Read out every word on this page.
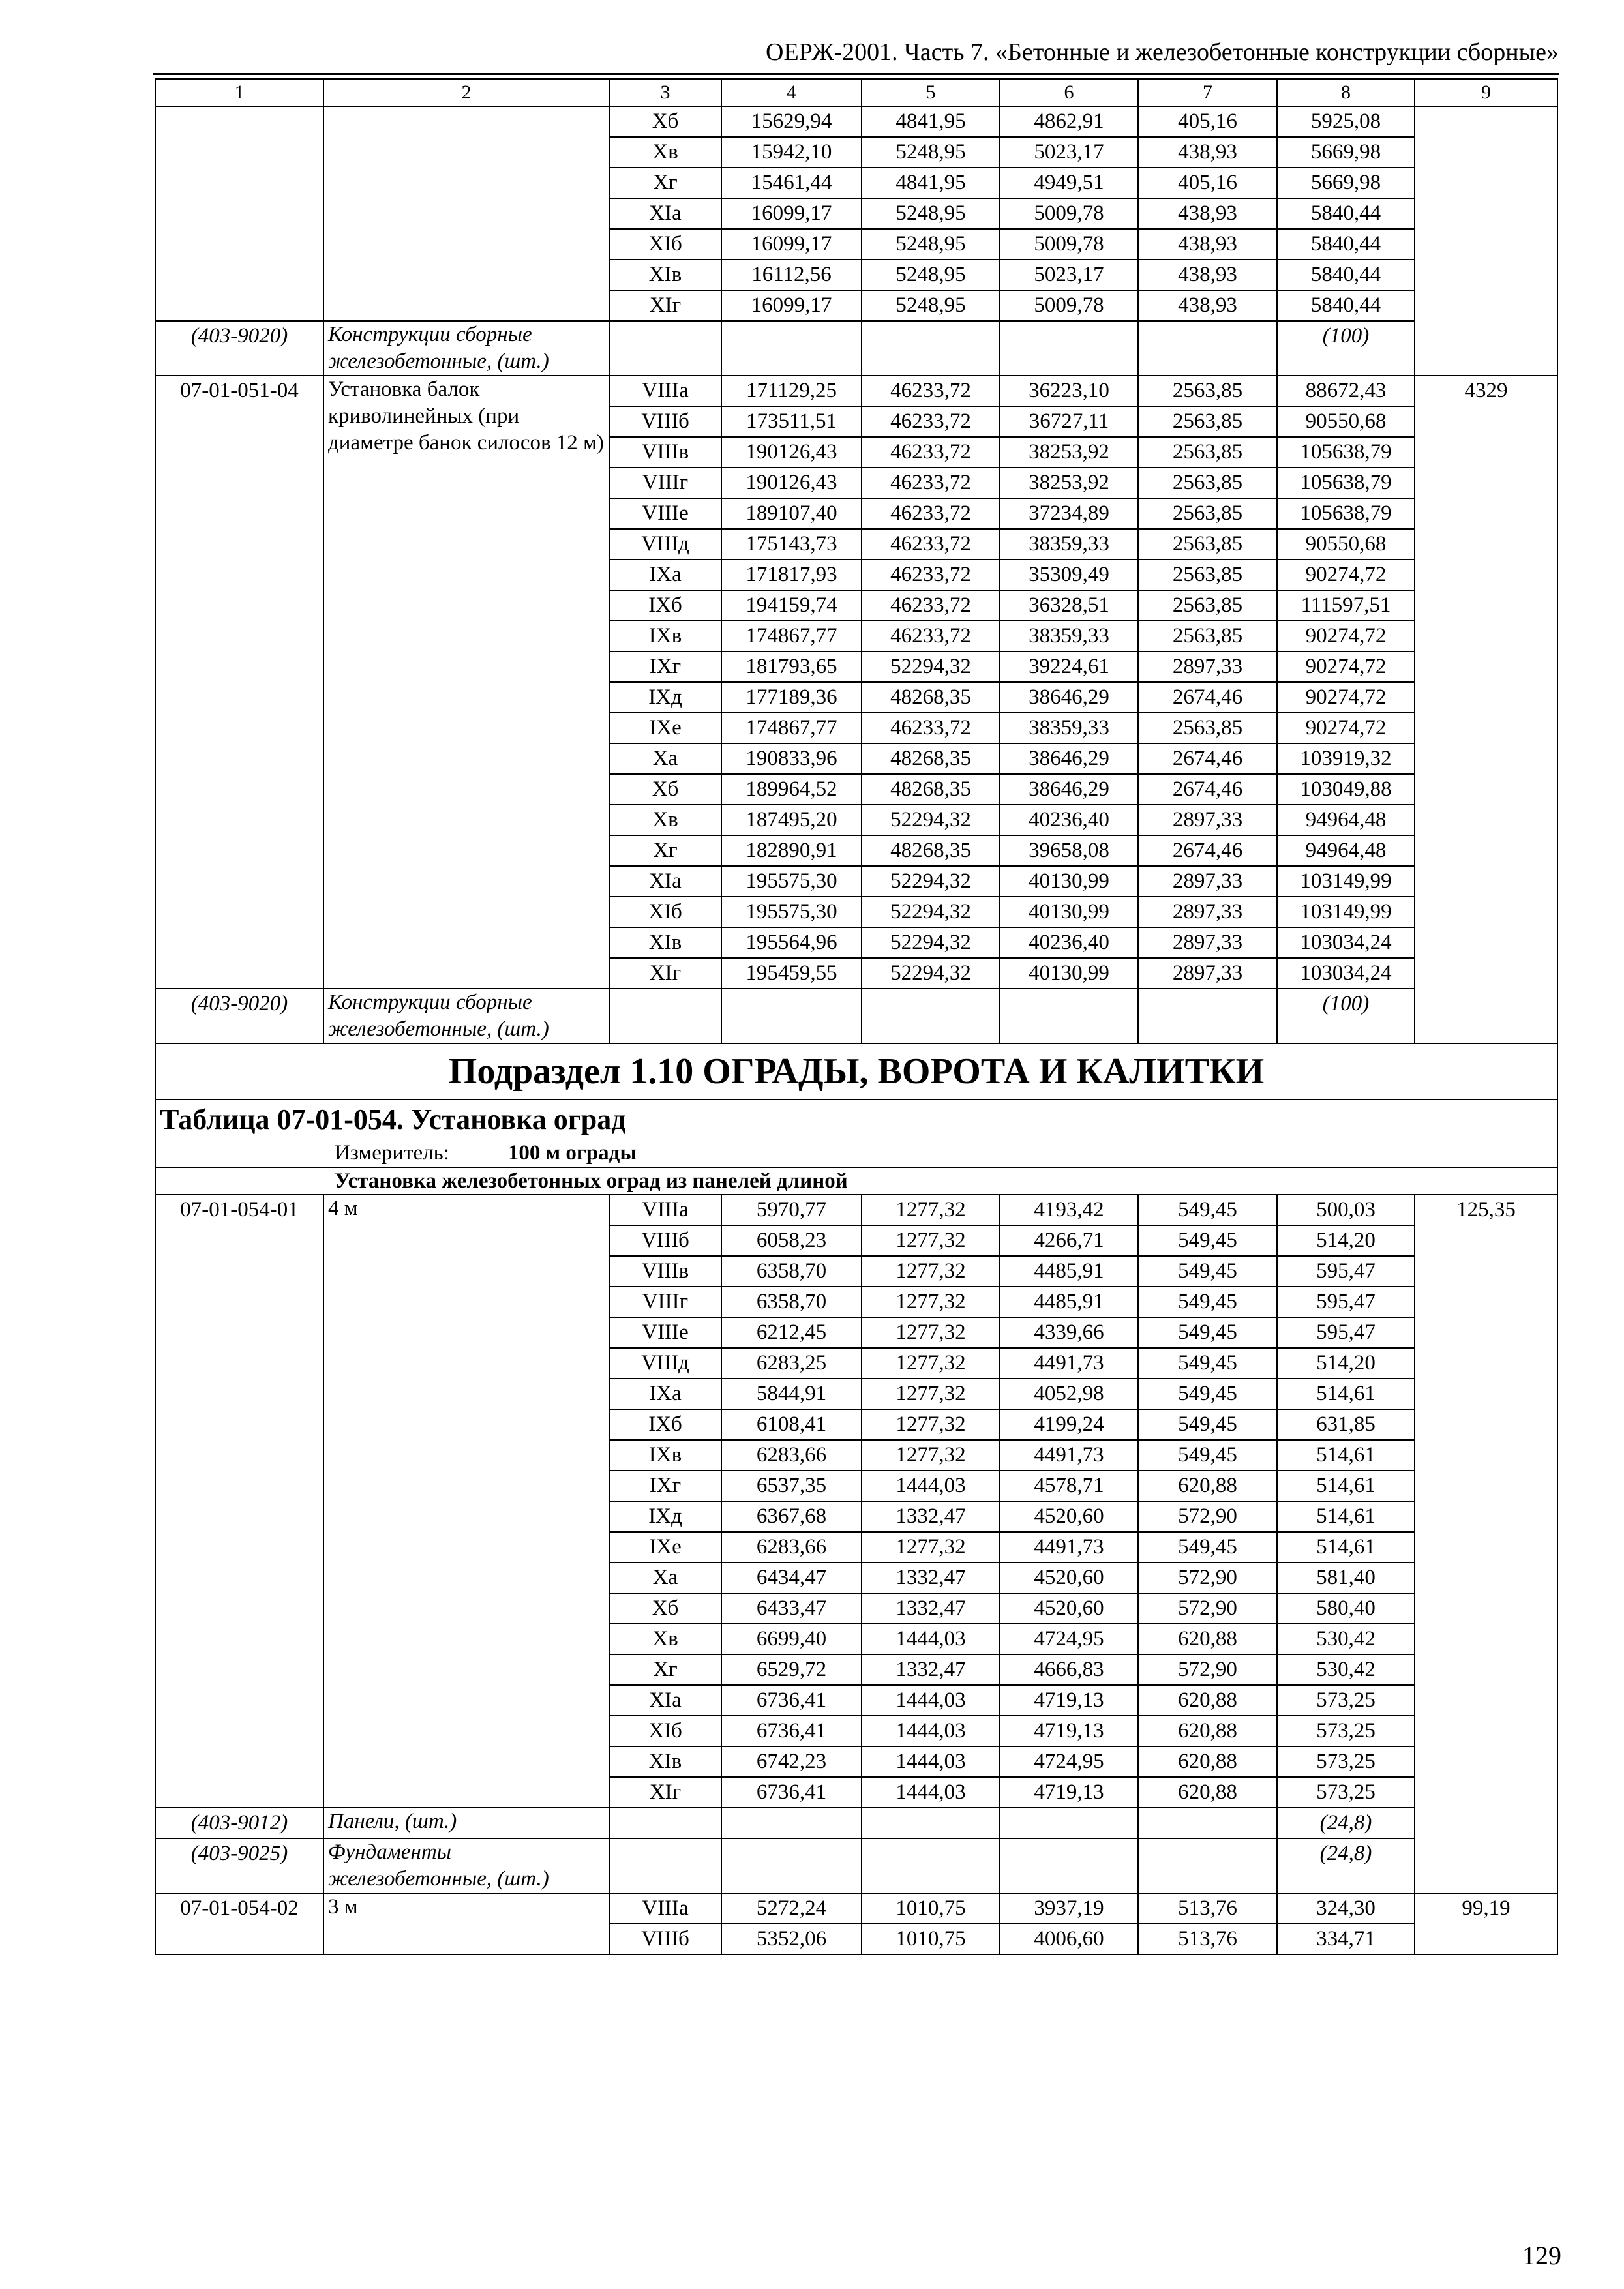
ОЕРЖ-2001. Часть 7. «Бетонные и железобетонные конструкции сборные»
1	2	3	4	5	6	7	8	9
		Xб	15629,94	4841,95	4862,91	405,16	5925,08	
		Xв	15942,10	5248,95	5023,17	438,93	5669,98	
		Xг	15461,44	4841,95	4949,51	405,16	5669,98	
		XIa	16099,17	5248,95	5009,78	438,93	5840,44	
		XIб	16099,17	5248,95	5009,78	438,93	5840,44	
		XIв	16112,56	5248,95	5023,17	438,93	5840,44	
		XIг	16099,17	5248,95	5009,78	438,93	5840,44	
(403-9020)	Конструкции сборные железобетонные, (шт.)						(100)	
07-01-051-04	Установка балок криволинейных (при диаметре банок силосов 12 м)	VIIIa	171129,25	46233,72	36223,10	2563,85	88672,43	4329
		VIIIб	173511,51	46233,72	36727,11	2563,85	90550,68	
		VIIIв	190126,43	46233,72	38253,92	2563,85	105638,79	
		VIIIг	190126,43	46233,72	38253,92	2563,85	105638,79	
		VIIIe	189107,40	46233,72	37234,89	2563,85	105638,79	
		VIIIд	175143,73	46233,72	38359,33	2563,85	90550,68	
		IXa	171817,93	46233,72	35309,49	2563,85	90274,72	
		IXб	194159,74	46233,72	36328,51	2563,85	111597,51	
		IXв	174867,77	46233,72	38359,33	2563,85	90274,72	
		IXг	181793,65	52294,32	39224,61	2897,33	90274,72	
		IXд	177189,36	48268,35	38646,29	2674,46	90274,72	
		IXe	174867,77	46233,72	38359,33	2563,85	90274,72	
		Xa	190833,96	48268,35	38646,29	2674,46	103919,32	
		Xб	189964,52	48268,35	38646,29	2674,46	103049,88	
		Xв	187495,20	52294,32	40236,40	2897,33	94964,48	
		Xг	182890,91	48268,35	39658,08	2674,46	94964,48	
		XIa	195575,30	52294,32	40130,99	2897,33	103149,99	
		XIб	195575,30	52294,32	40130,99	2897,33	103149,99	
		XIв	195564,96	52294,32	40236,40	2897,33	103034,24	
		XIг	195459,55	52294,32	40130,99	2897,33	103034,24	
(403-9020)	Конструкции сборные железобетонные, (шт.)						(100)	
Подраздел 1.10 ОГРАДЫ, ВОРОТА И КАЛИТКИ								

Таблица 07-01-054. Установка оград
Измеритель: 100 м ограды								

Установка железобетонных оград из панелей длиной								
07-01-054-01	4 м	VIIIa	5970,77	1277,32	4193,42	549,45	500,03	125,35
		VIIIб	6058,23	1277,32	4266,71	549,45	514,20	
		VIIIв	6358,70	1277,32	4485,91	549,45	595,47	
		VIIIг	6358,70	1277,32	4485,91	549,45	595,47	
		VIIIe	6212,45	1277,32	4339,66	549,45	595,47	
		VIIIд	6283,25	1277,32	4491,73	549,45	514,20	
		IXa	5844,91	1277,32	4052,98	549,45	514,61	
		IXб	6108,41	1277,32	4199,24	549,45	631,85	
		IXв	6283,66	1277,32	4491,73	549,45	514,61	
		IXг	6537,35	1444,03	4578,71	620,88	514,61	
		IXд	6367,68	1332,47	4520,60	572,90	514,61	
		IXe	6283,66	1277,32	4491,73	549,45	514,61	
		Xa	6434,47	1332,47	4520,60	572,90	581,40	
		Xб	6433,47	1332,47	4520,60	572,90	580,40	
		Xв	6699,40	1444,03	4724,95	620,88	530,42	
		Xг	6529,72	1332,47	4666,83	572,90	530,42	
		XIa	6736,41	1444,03	4719,13	620,88	573,25	
		XIб	6736,41	1444,03	4719,13	620,88	573,25	
		XIв	6742,23	1444,03	4724,95	620,88	573,25	
		XIг	6736,41	1444,03	4719,13	620,88	573,25	
(403-9012)	Панели, (шт.)						(24,8)	
(403-9025)	Фундаменты железобетонные, (шт.)						(24,8)	
07-01-054-02	3 м	VIIIa	5272,24	1010,75	3937,19	513,76	324,30	99,19
		VIIIб	5352,06	1010,75	4006,60	513,76	334,71	
129
